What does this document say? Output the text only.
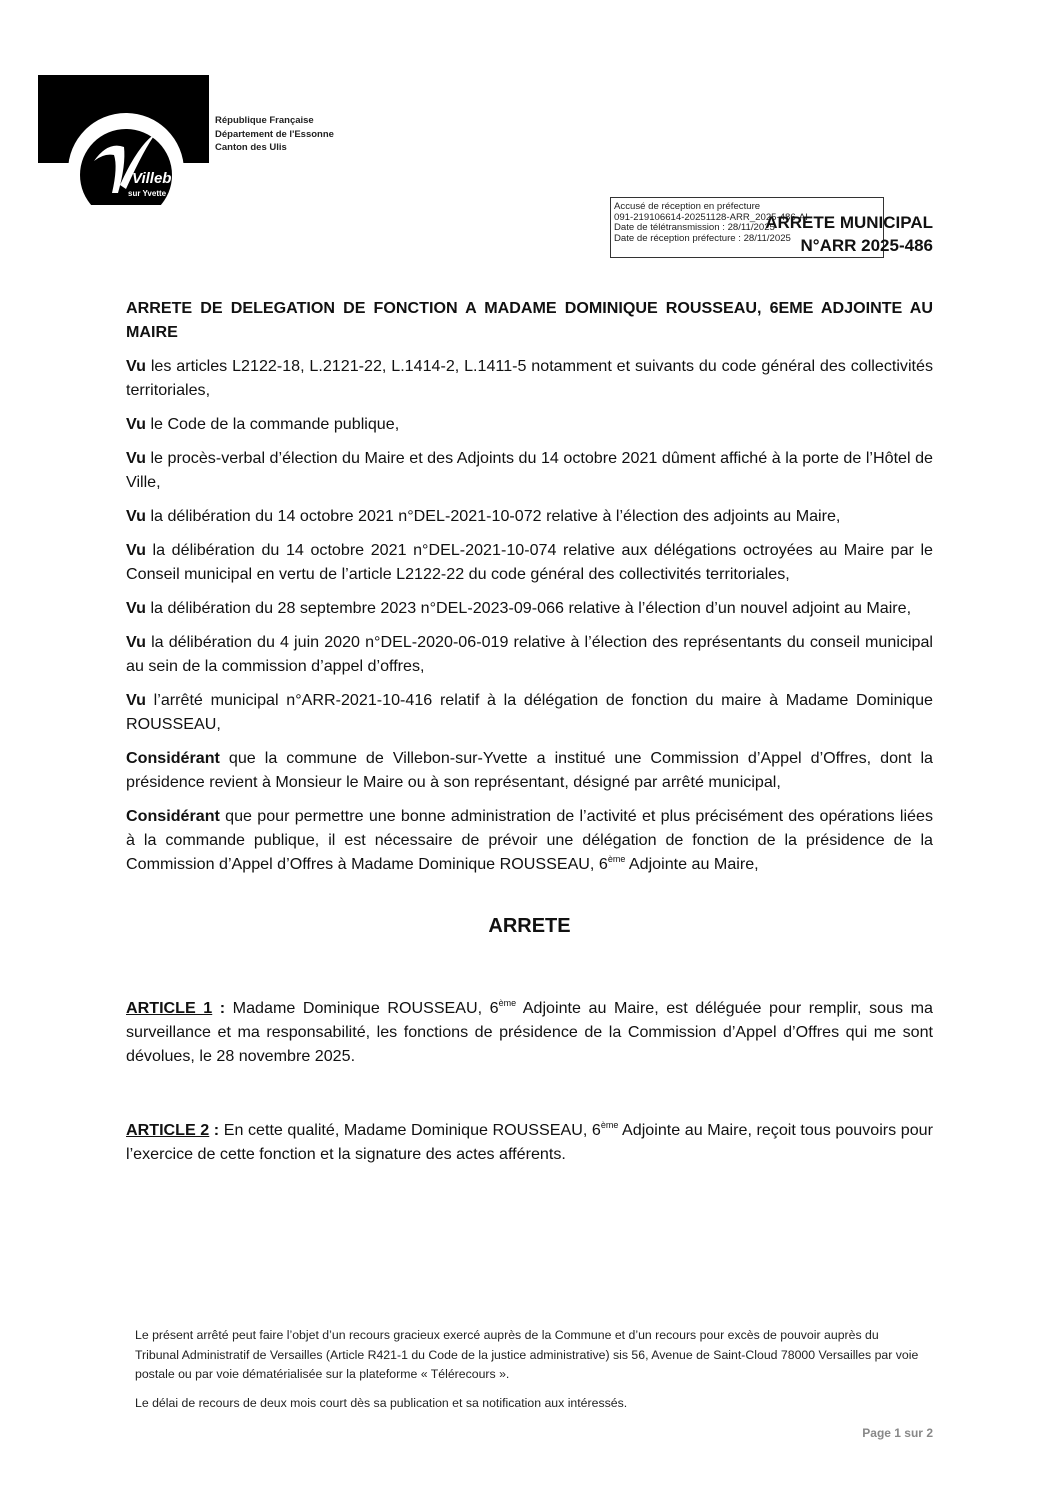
Villebon
sur Yvette
République Française
Département de l'Essonne
Canton des Ulis
Accusé de réception en préfecture
091-219106614-20251128-ARR_2025-486-AI
Date de télétransmission : 28/11/2025
Date de réception préfecture : 28/11/2025
ARRETE MUNICIPAL
N°ARR 2025-486

ARRETE DE DELEGATION DE FONCTION A MADAME DOMINIQUE ROUSSEAU, 6EME ADJOINTE AU MAIRE

Vu les articles L2122-18, L.2121-22, L.1414-2, L.1411-5 notamment et suivants du code général des collectivités territoriales,

Vu le Code de la commande publique,

Vu le procès-verbal d’élection du Maire et des Adjoints du 14 octobre 2021 dûment affiché à la porte de l’Hôtel de Ville,

Vu la délibération du 14 octobre 2021 n°DEL-2021-10-072 relative à l’élection des adjoints au Maire,

Vu la délibération du 14 octobre 2021 n°DEL-2021-10-074 relative aux délégations octroyées au Maire par le Conseil municipal en vertu de l’article L2122-22 du code général des collectivités territoriales,

Vu la délibération du 28 septembre 2023 n°DEL-2023-09-066 relative à l’élection d’un nouvel adjoint au Maire,

Vu la délibération du 4 juin 2020 n°DEL-2020-06-019 relative à l’élection des représentants du conseil municipal au sein de la commission d’appel d’offres,

Vu l’arrêté municipal n°ARR-2021-10-416 relatif à la délégation de fonction du maire à Madame Dominique ROUSSEAU,

Considérant que la commune de Villebon-sur-Yvette a institué une Commission d’Appel d’Offres, dont la présidence revient à Monsieur le Maire ou à son représentant, désigné par arrêté municipal,

Considérant que pour permettre une bonne administration de l’activité et plus précisément des opérations liées à la commande publique, il est nécessaire de prévoir une délégation de fonction de la présidence de la Commission d’Appel d’Offres à Madame Dominique ROUSSEAU, 6ème Adjointe au Maire,

ARRETE

ARTICLE 1 : Madame Dominique ROUSSEAU, 6ème Adjointe au Maire, est déléguée pour remplir, sous ma surveillance et ma responsabilité, les fonctions de présidence de la Commission d’Appel d’Offres qui me sont dévolues, le 28 novembre 2025.

ARTICLE 2 : En cette qualité, Madame Dominique ROUSSEAU, 6ème Adjointe au Maire, reçoit tous pouvoirs pour l’exercice de cette fonction et la signature des actes afférents.

Le présent arrêté peut faire l’objet d’un recours gracieux exercé auprès de la Commune et d’un recours pour excès de pouvoir auprès du Tribunal Administratif de Versailles (Article R421-1 du Code de la justice administrative) sis 56, Avenue de Saint-Cloud 78000 Versailles par voie postale ou par voie dématérialisée sur la plateforme « Télérecours ».

Le délai de recours de deux mois court dès sa publication et sa notification aux intéressés.

Page 1 sur 2
